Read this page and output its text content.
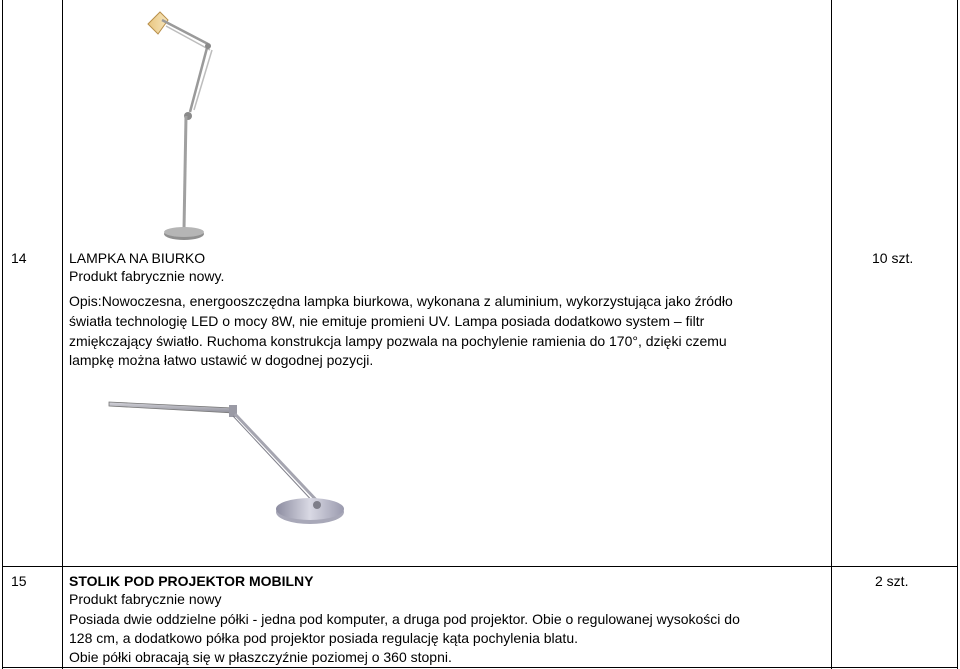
14	LAMPKA NA BIURKO
Produkt fabrycznie nowy.
10 szt.
Opis:Nowoczesna, energooszczędna lampka biurkowa, wykonana z aluminium, wykorzystująca jako źródło
światła technologię LED o mocy 8W, nie emituje promieni UV. Lampa posiada dodatkowo system – filtr
zmiękczający światło. Ruchoma konstrukcja lampy pozwala na pochylenie ramienia do 170°, dzięki czemu
lampkę można łatwo ustawić w dogodnej pozycji.
15	STOLIK POD PROJEKTOR MOBILNY
Produkt fabrycznie nowy
2 szt.
Posiada dwie oddzielne półki - jedna pod komputer, a druga pod projektor. Obie o regulowanej wysokości do
128 cm, a dodatkowo półka pod projektor posiada regulację kąta pochylenia blatu.
Obie półki obracają się w płaszczyźnie poziomej o 360 stopni.
